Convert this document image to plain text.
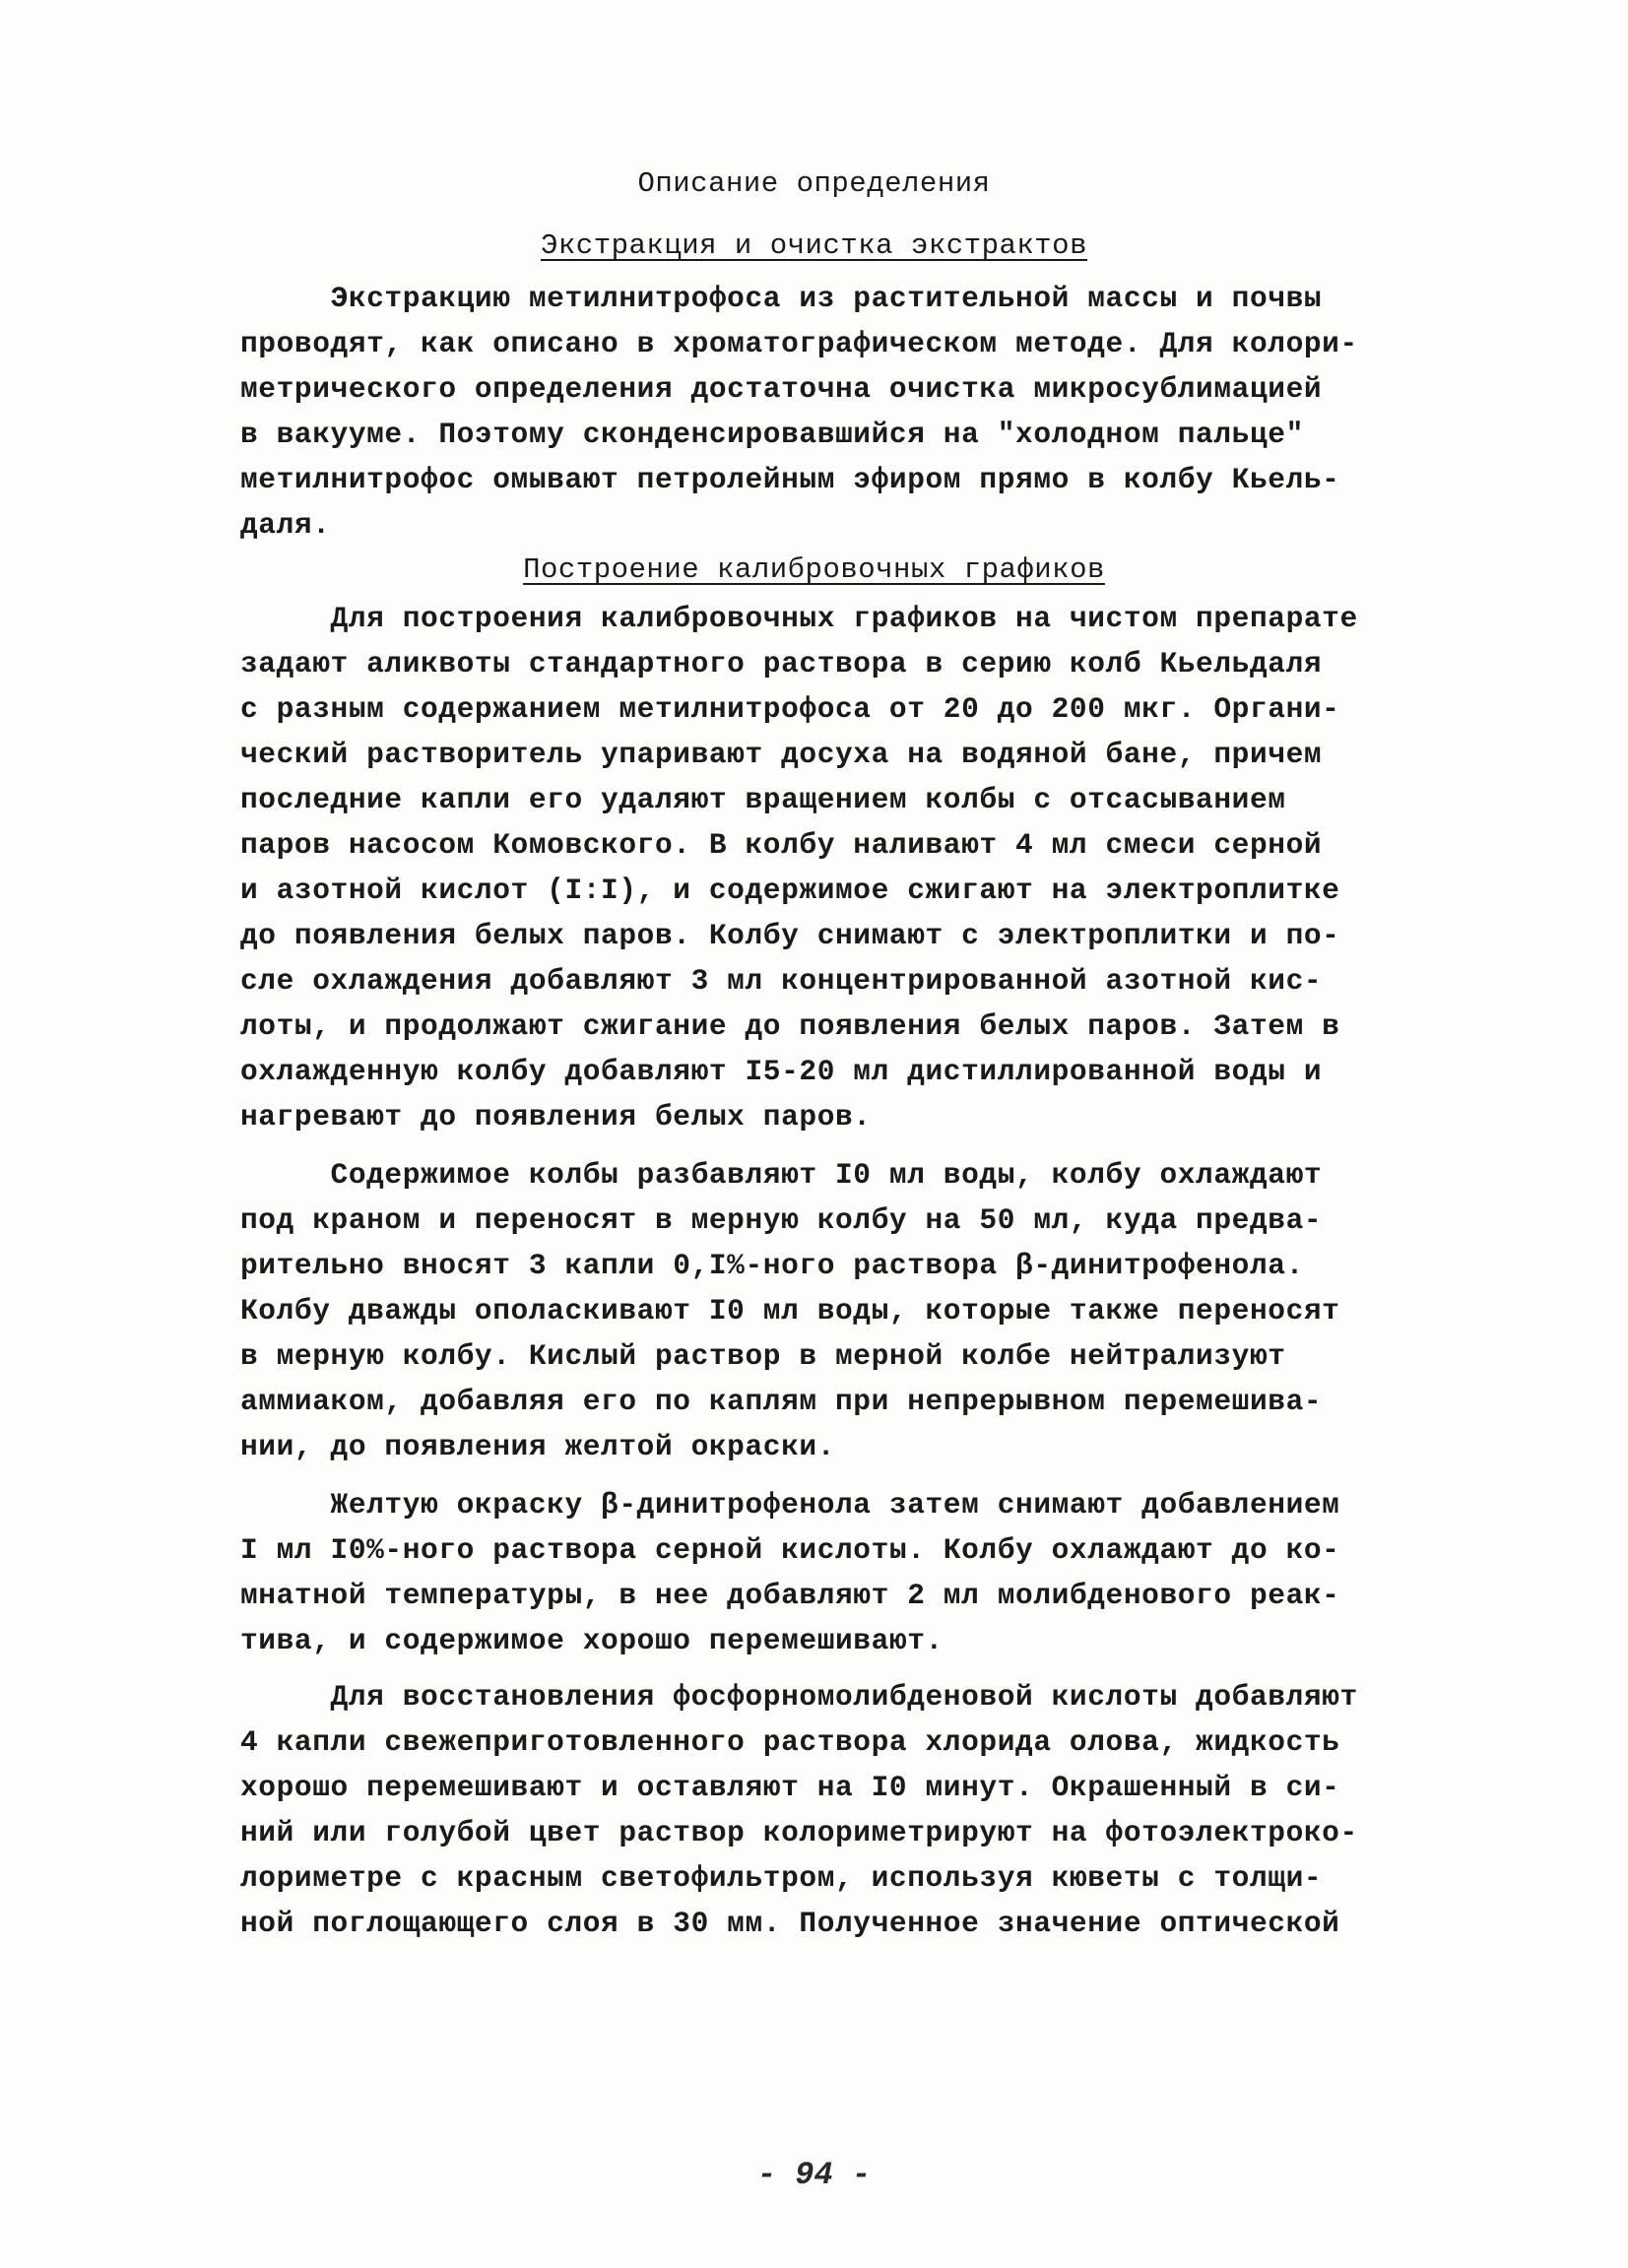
Описание определения
Экстракция и очистка экстрактов
Экстракцию метилнитрофоса из растительной массы и почвы
проводят, как описано в хроматографическом методе. Для колори-
метрического определения достаточна очистка микросублимацией
в вакууме. Поэтому сконденсировавшийся на "холодном пальце"
метилнитрофос омывают петролейным эфиром прямо в колбу Кьель-
даля.
Построение калибровочных графиков
Для построения калибровочных графиков на чистом препарате
задают аликвоты стандартного раствора в серию колб Кьельдаля
с разным содержанием метилнитрофоса от 20 до 200 мкг. Органи-
ческий растворитель упаривают досуха на водяной бане, причем
последние капли его удаляют вращением колбы с отсасыванием
паров насосом Комовского. В колбу наливают 4 мл смеси серной
и азотной кислот (I:I), и содержимое сжигают на электроплитке
до появления белых паров. Колбу снимают с электроплитки и по-
сле охлаждения добавляют 3 мл концентрированной азотной кис-
лоты, и продолжают сжигание до появления белых паров. Затем в
охлажденную колбу добавляют I5-20 мл дистиллированной воды и
нагревают до появления белых паров.
Содержимое колбы разбавляют I0 мл воды, колбу охлаждают
под краном и переносят в мерную колбу на 50 мл, куда предва-
рительно вносят 3 капли 0,I%-ного раствора β-динитрофенола.
Колбу дважды ополаскивают I0 мл воды, которые также переносят
в мерную колбу. Кислый раствор в мерной колбе нейтрализуют
аммиаком, добавляя его по каплям при непрерывном перемешива-
нии, до появления желтой окраски.
Желтую окраску β-динитрофенола затем снимают добавлением
I мл I0%-ного раствора серной кислоты. Колбу охлаждают до ко-
мнатной температуры, в нее добавляют 2 мл молибденового реак-
тива, и содержимое хорошо перемешивают.
Для восстановления фосфорномолибденовой кислоты добавляют
4 капли свежеприготовленного раствора хлорида олова, жидкость
хорошо перемешивают и оставляют на I0 минут. Окрашенный в си-
ний или голубой цвет раствор колориметрируют на фотоэлектроко-
лориметре с красным светофильтром, используя кюветы с толщи-
ной поглощающего слоя в 30 мм. Полученное значение оптической
- 94 -
